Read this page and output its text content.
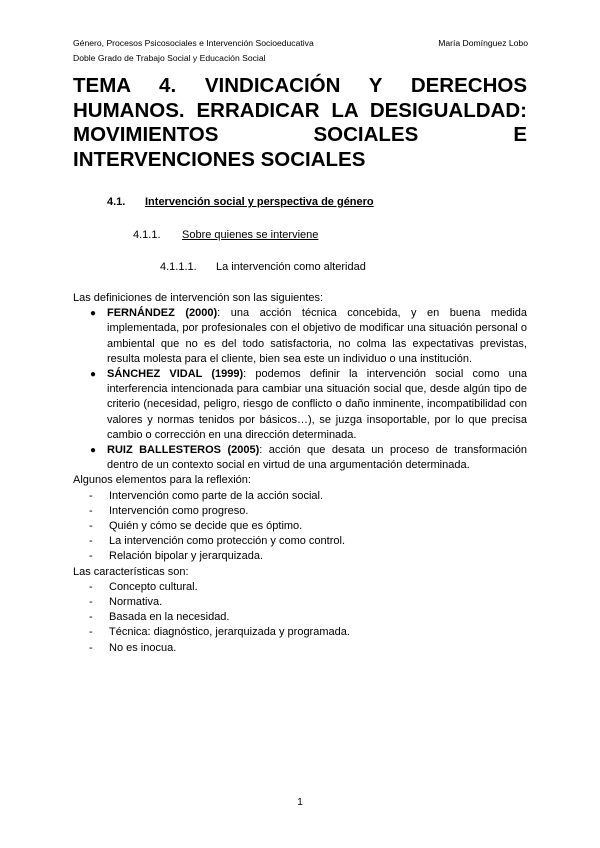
Género, Procesos Psicosociales e Intervención Socioeducativa	María Domínguez Lobo
Doble Grado de Trabajo Social y Educación Social
TEMA 4. VINDICACIÓN Y DERECHOS
HUMANOS. ERRADICAR LA DESIGUALDAD:
MOVIMIENTOS SOCIALES E
INTERVENCIONES SOCIALES
4.1. Intervención social y perspectiva de género
4.1.1. Sobre quienes se interviene
4.1.1.1. La intervención como alteridad

Las definiciones de intervención son las siguientes:

● FERNÁNDEZ (2000): una acción técnica concebida, y en buena medida implementada, por profesionales con el objetivo de modificar una situación personal o ambiental que no es del todo satisfactoria, no colma las expectativas previstas, resulta molesta para el cliente, bien sea este un individuo o una institución.
● SÁNCHEZ VIDAL (1999): podemos definir la intervención social como una interferencia intencionada para cambiar una situación social que, desde algún tipo de criterio (necesidad, peligro, riesgo de conflicto o daño inminente, incompatibilidad con valores y normas tenidos por básicos…), se juzga insoportable, por lo que precisa cambio o corrección en una dirección determinada.
● RUIZ BALLESTEROS (2005): acción que desata un proceso de transformación dentro de un contexto social en virtud de una argumentación determinada.

Algunos elementos para la reflexión:

- Intervención como parte de la acción social.
- Intervención como progreso.
- Quién y cómo se decide que es óptimo.
- La intervención como protección y como control.
- Relación bipolar y jerarquizada.

Las características son:

- Concepto cultural.
- Normativa.
- Basada en la necesidad.
- Técnica: diagnóstico, jerarquizada y programada.
- No es inocua.
1
